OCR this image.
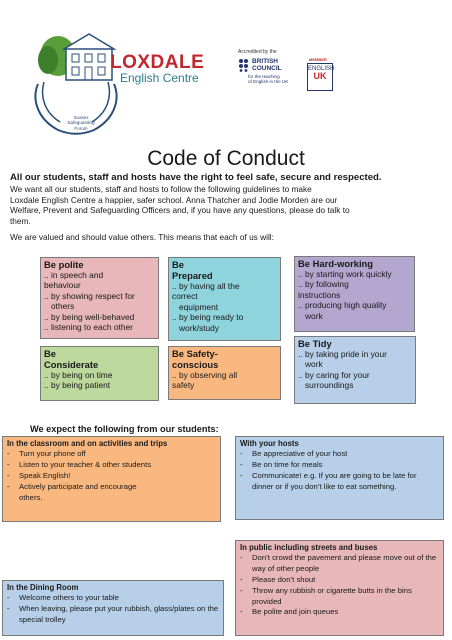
LOXDALE
English Centre
Sussex
Safeguarding
Forum
Accredited by the
BRITISH
COUNCIL
for the teaching
of English in the UK
MEMBER
ENGLISH
UK
Code of Conduct
All our students, staff and hosts have the right to feel safe, secure and respected.
We want all our students, staff and hosts to follow the following guidelines to make
Loxdale English Centre a happier, safer school. Anna Thatcher and Jodie Morden are our
Welfare, Prevent and Safeguarding Officers and, if you have any questions, please do talk to
them.
We are valued and should value others. This means that each of us will:
Be polite
.. in speech and
behaviour
.. by showing respect for
others
.. by being well-behaved
.. listening to each other
Be
Prepared
.. by having all the
correct
equipment
.. by being ready to
work/study
Be Hard-working
.. by starting work quickly
.. by following
instructions
.. producing high quality
work
Be
Considerate
.. by being on time
.. by being patient
Be Safety-
conscious
.. by observing all
safety
Be Tidy
.. by taking pride in your
work
.. by caring for your
surroundings
We expect the following from our students:
In the classroom and on activities and trips
-	Turn your phone off
-	Listen to your teacher & other students
-	Speak English!
-	Actively participate and encourage others.
With your hosts
-	Be appreciative of your host
-	Be on time for meals
-	Communicate! e.g. If you are going to be late for dinner or if you don’t like to eat something.
In public including streets and buses
-	Don’t crowd the pavement and please move out of the way of other people
-	Please don’t shout
-	Throw any rubbish or cigarette butts in the bins provided
-	Be polite and join queues
In the Dining Room
-	Welcome others to your table
-	When leaving, please put your rubbish, glass/plates on the special trolley
